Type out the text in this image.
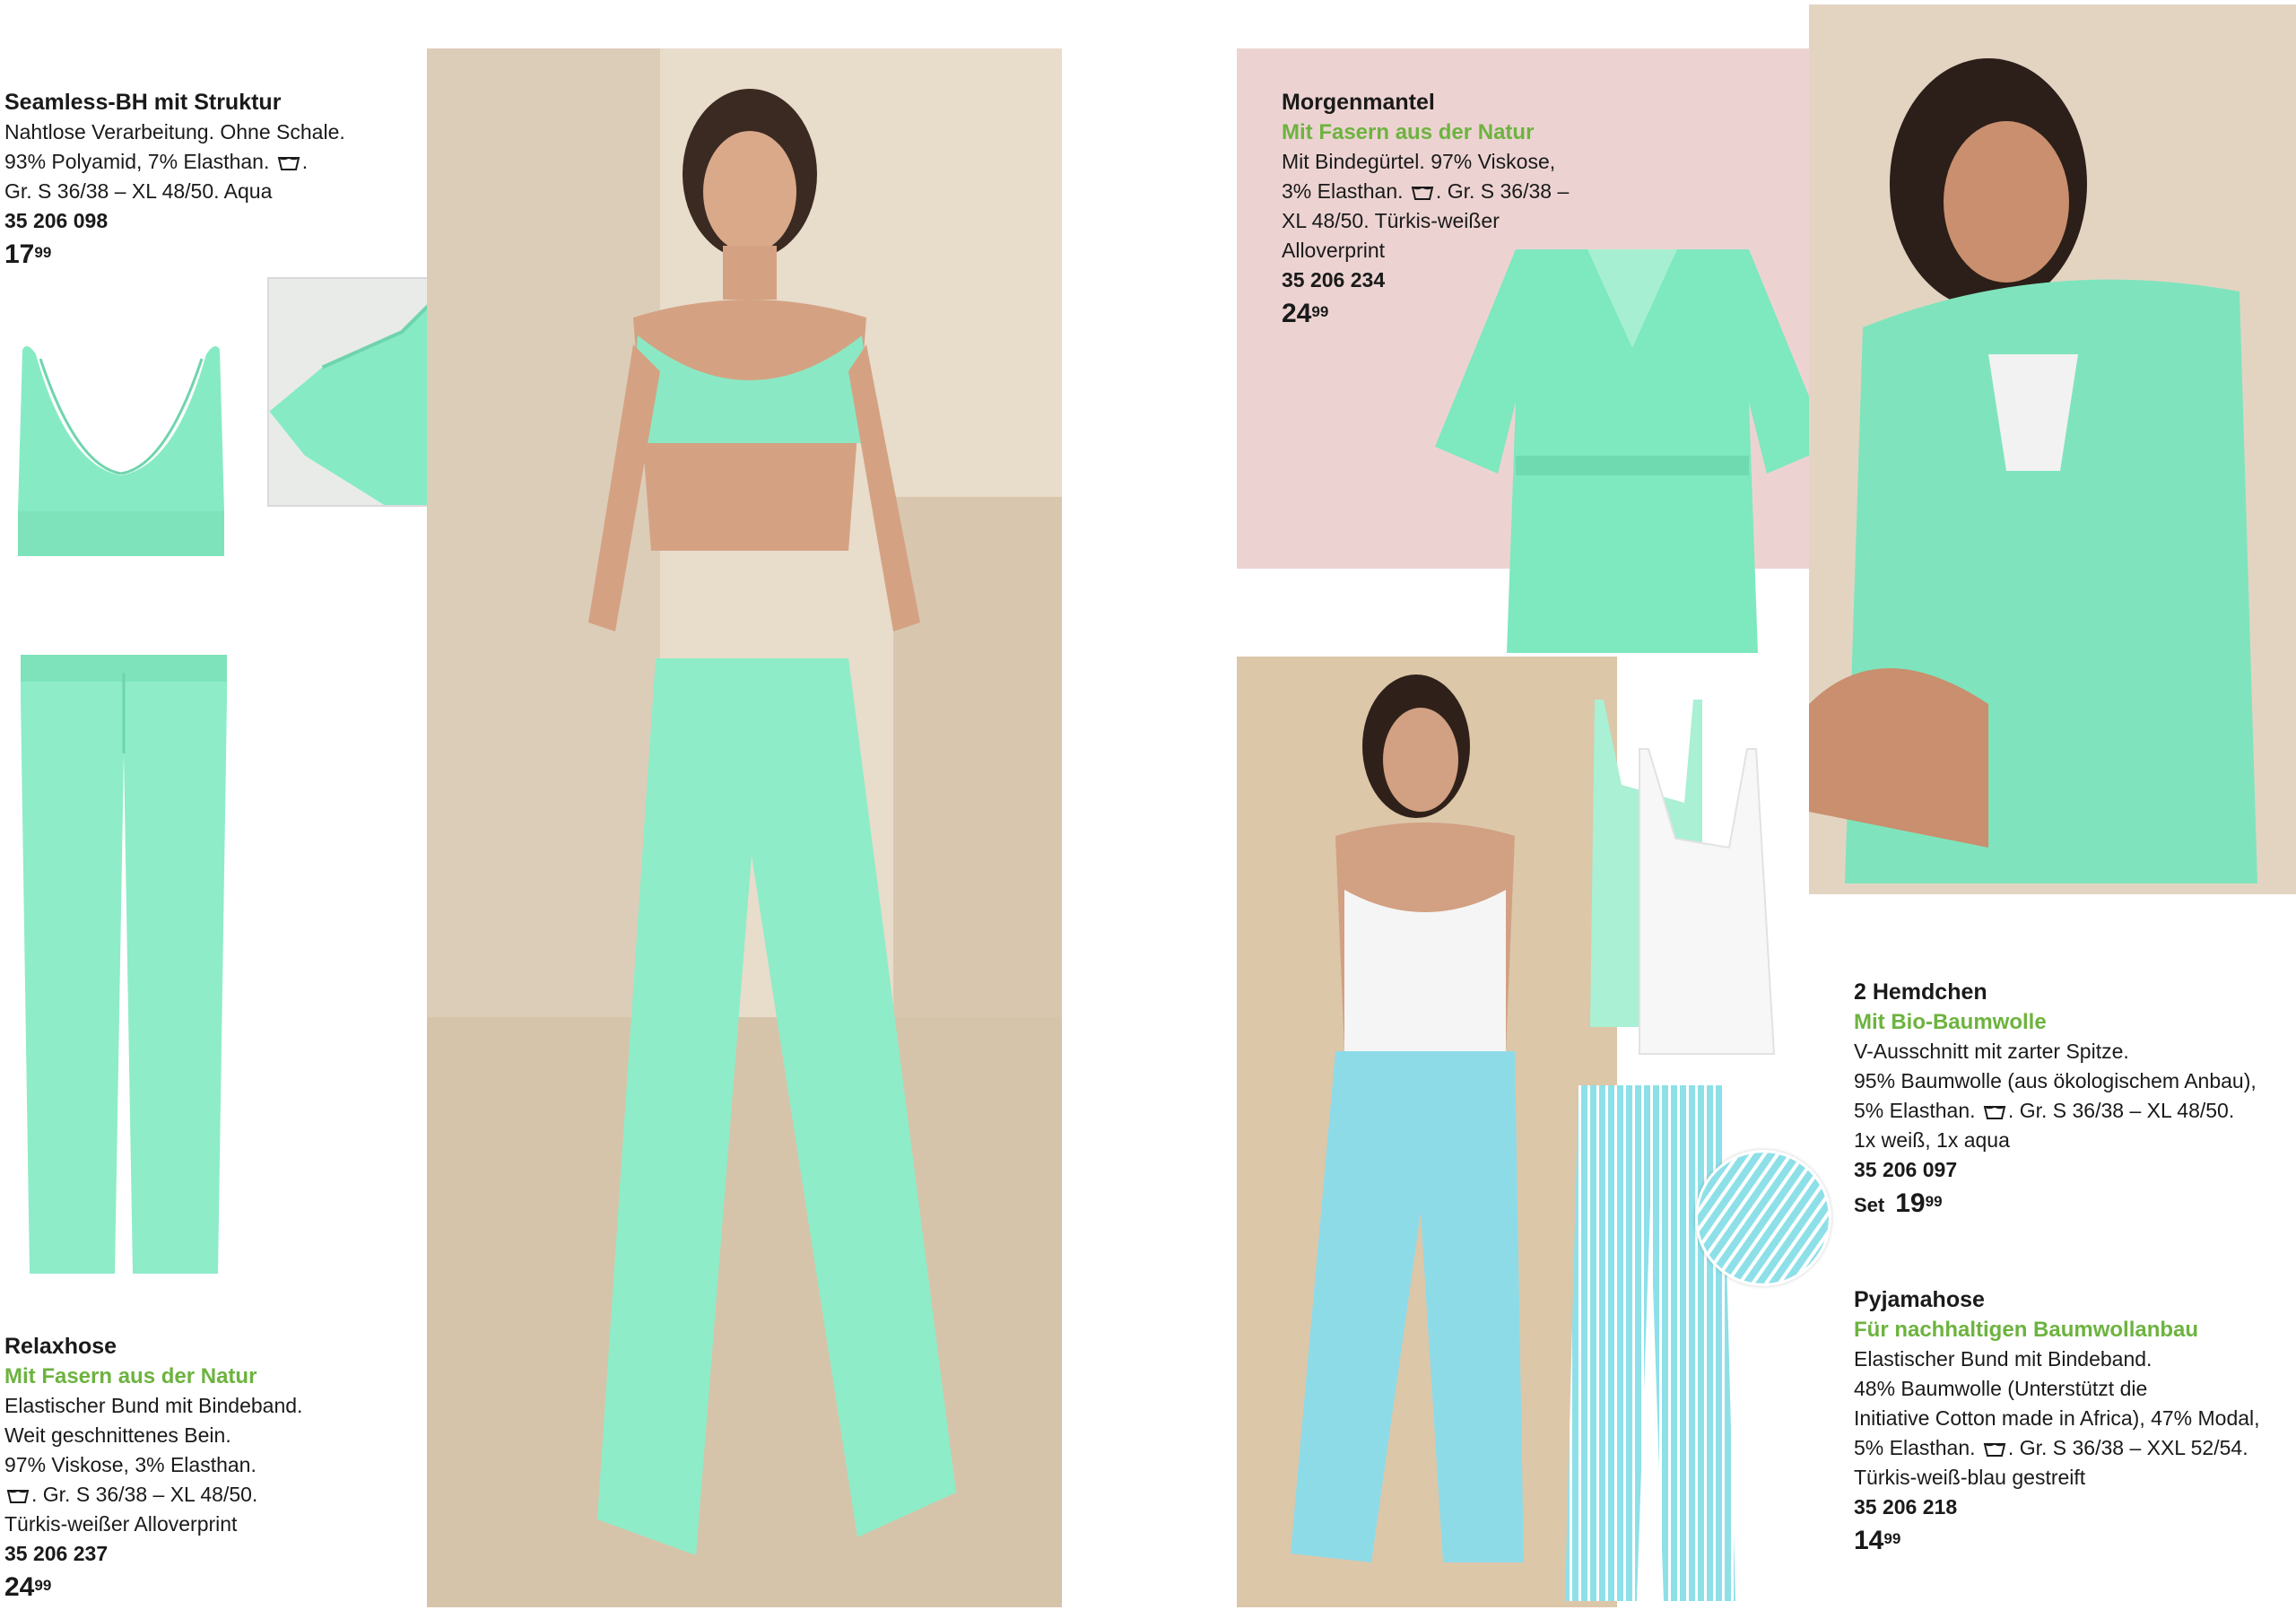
Seamless-BH mit Struktur
Nahtlose Verarbeitung. Ohne Schale.
93% Polyamid, 7% Elasthan. .
Gr. S 36/38 – XL 48/50. Aqua
35 206 098
$17^{99}$
Relaxhose
Mit Fasern aus der Natur
Elastischer Bund mit Bindeband.
Weit geschnittenes Bein.
97% Viskose, 3% Elasthan.
. Gr. S 36/38 – XL 48/50.
Türkis-weißer Alloverprint
35 206 237
$24^{99}$
Morgenmantel
Mit Fasern aus der Natur
Mit Bindegürtel. 97% Viskose,
3% Elasthan. . Gr. S 36/38 –
XL 48/50. Türkis-weißer
Alloverprint
35 206 234
$24^{99}$
2 Hemdchen
Mit Bio-Baumwolle
V-Ausschnitt mit zarter Spitze.
95% Baumwolle (aus ökologischem Anbau),
5% Elasthan. . Gr. S 36/38 – XL 48/50.
1x weiß, 1x aqua
35 206 097
Set $19^{99}$
Pyjamahose
Für nachhaltigen Baumwollanbau
Elastischer Bund mit Bindeband.
48% Baumwolle (Unterstützt die
Initiative Cotton made in Africa), 47% Modal,
5% Elasthan. . Gr. S 36/38 – XXL 52/54.
Türkis-weiß-blau gestreift
35 206 218
$14^{99}$
